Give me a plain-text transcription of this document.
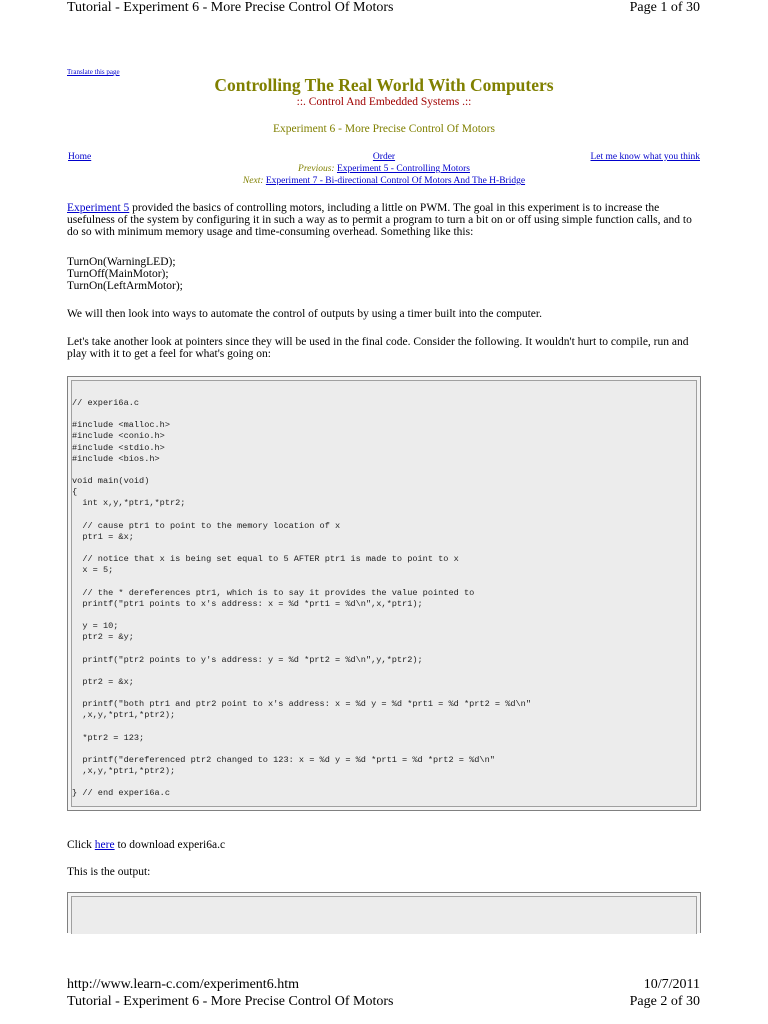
Tutorial - Experiment 6 - More Precise Control Of Motors	Page 1 of 30
Translate this page
Controlling The Real World With Computers
::. Control And Embedded Systems .::
Experiment 6 - More Precise Control Of Motors
Home	Order	Let me know what you think
Previous: Experiment 5 - Controlling Motors
Next: Experiment 7 - Bi-directional Control Of Motors And The H-Bridge
Experiment 5 provided the basics of controlling motors, including a little on PWM. The goal in this experiment is to increase the usefulness of the system by configuring it in such a way as to permit a program to turn a bit on or off using simple function calls, and to do so with minimum memory usage and time-consuming overhead. Something like this:
TurnOn(WarningLED);
TurnOff(MainMotor);
TurnOn(LeftArmMotor);
We will then look into ways to automate the control of outputs by using a timer built into the computer.
Let's take another look at pointers since they will be used in the final code. Consider the following. It wouldn't hurt to compile, run and play with it to get a feel for what's going on:
// experi6a.c

#include <malloc.h>
#include <conio.h>
#include <stdio.h>
#include <bios.h>

void main(void)
{
int x,y,*ptr1,*ptr2;

// cause ptr1 to point to the memory location of x
ptr1 = &x;

// notice that x is being set equal to 5 AFTER ptr1 is made to point to x
x = 5;

// the * dereferences ptr1, which is to say it provides the value pointed to
printf("ptr1 points to x's address: x = %d *prt1 = %d\n",x,*ptr1);

y = 10;
ptr2 = &y;

printf("ptr2 points to y's address: y = %d *prt2 = %d\n",y,*ptr2);

ptr2 = &x;

printf("both ptr1 and ptr2 point to x's address: x = %d y = %d *prt1 = %d *prt2 = %d\n"
,x,y,*ptr1,*ptr2);

*ptr2 = 123;

printf("dereferenced ptr2 changed to 123: x = %d y = %d *prt1 = %d *prt2 = %d\n"
,x,y,*ptr1,*ptr2);

} // end experi6a.c
Click here to download experi6a.c
This is the output:
http://www.learn-c.com/experiment6.htm	10/7/2011
Tutorial - Experiment 6 - More Precise Control Of Motors	Page 2 of 30
